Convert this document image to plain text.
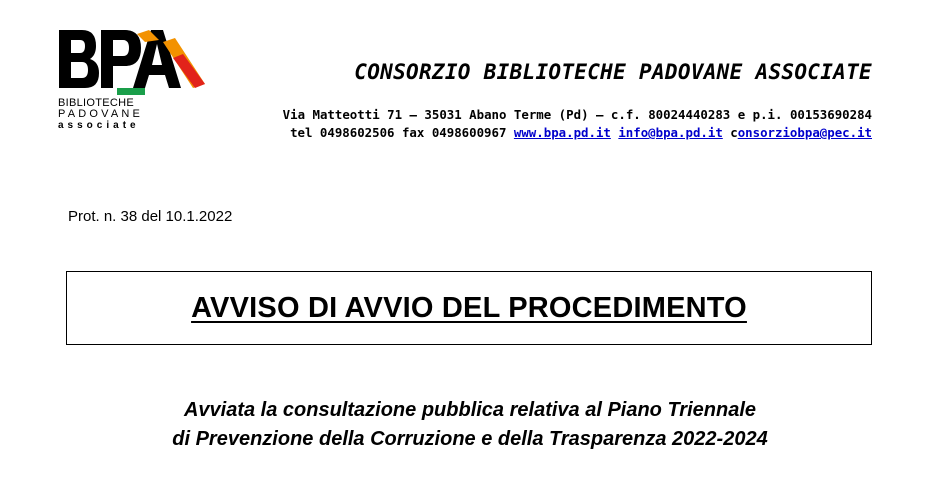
BIBLIOTECHE
PADOVANE
associate
CONSORZIO BIBLIOTECHE PADOVANE ASSOCIATE
Via Matteotti 71 – 35031 Abano Terme (Pd) – c.f. 80024440283 e p.i. 00153690284
tel 0498602506 fax 0498600967 www.bpa.pd.it info@bpa.pd.it consorziobpa@pec.it
Prot. n. 38 del 10.1.2022
AVVISO DI AVVIO DEL PROCEDIMENTO
Avviata la consultazione pubblica relativa al Piano Triennale
di Prevenzione della Corruzione e della Trasparenza 2022-2024
